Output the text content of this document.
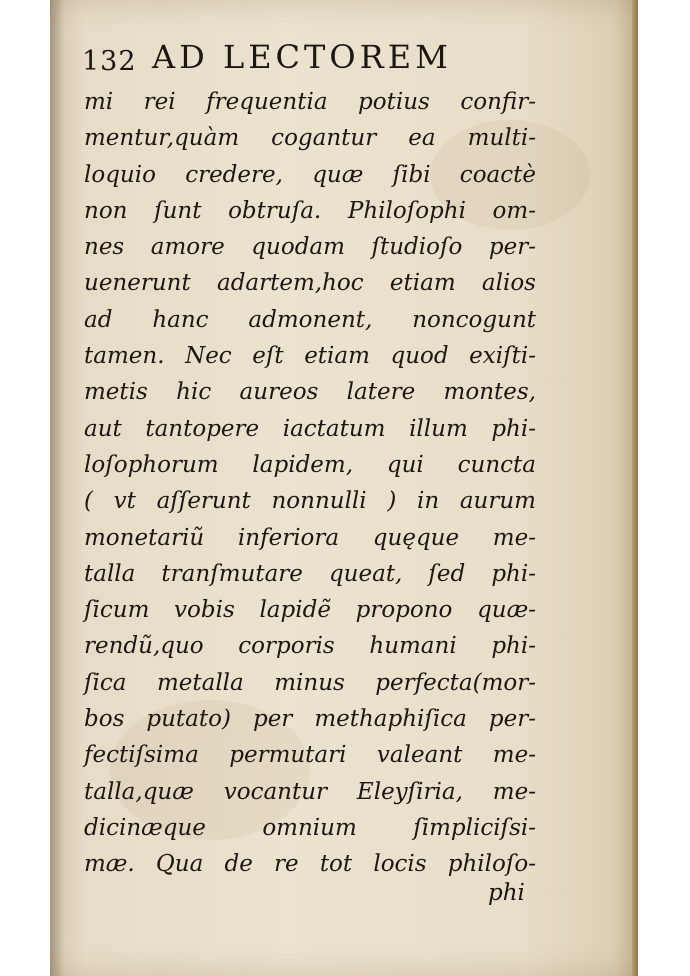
132 AD LECTOREM
mi rei frequentia potius confir-
mentur,quàm cogantur ea multi-
loquio credere, quæ ſibi coactè
non ſunt obtruſa. Philoſophi om-
nes amore quodam ſtudioſo per-
uenerunt adartem,hoc etiam alios
ad hanc admonent, noncogunt
tamen. Nec eſt etiam quod exiſti-
metis hic aureos latere montes,
aut tantopere iactatum illum phi-
loſophorum lapidem, qui cuncta
( vt aſſerunt nonnulli ) in aurum
monetariũ inferiora quęque me-
talla tranſmutare queat, ſed phi-
ſicum vobis lapidẽ propono quæ-
rendũ,quo corporis humani phi-
ſica metalla minus perfecta(mor-
bos putato) per methaphiſica per-
fectiſsima permutari valeant me-
talla,quæ vocantur Eleyſiria, me-
dicinæque omnium ſimpliciſsi-
mæ. Qua de re tot locis philoſo-
phi
